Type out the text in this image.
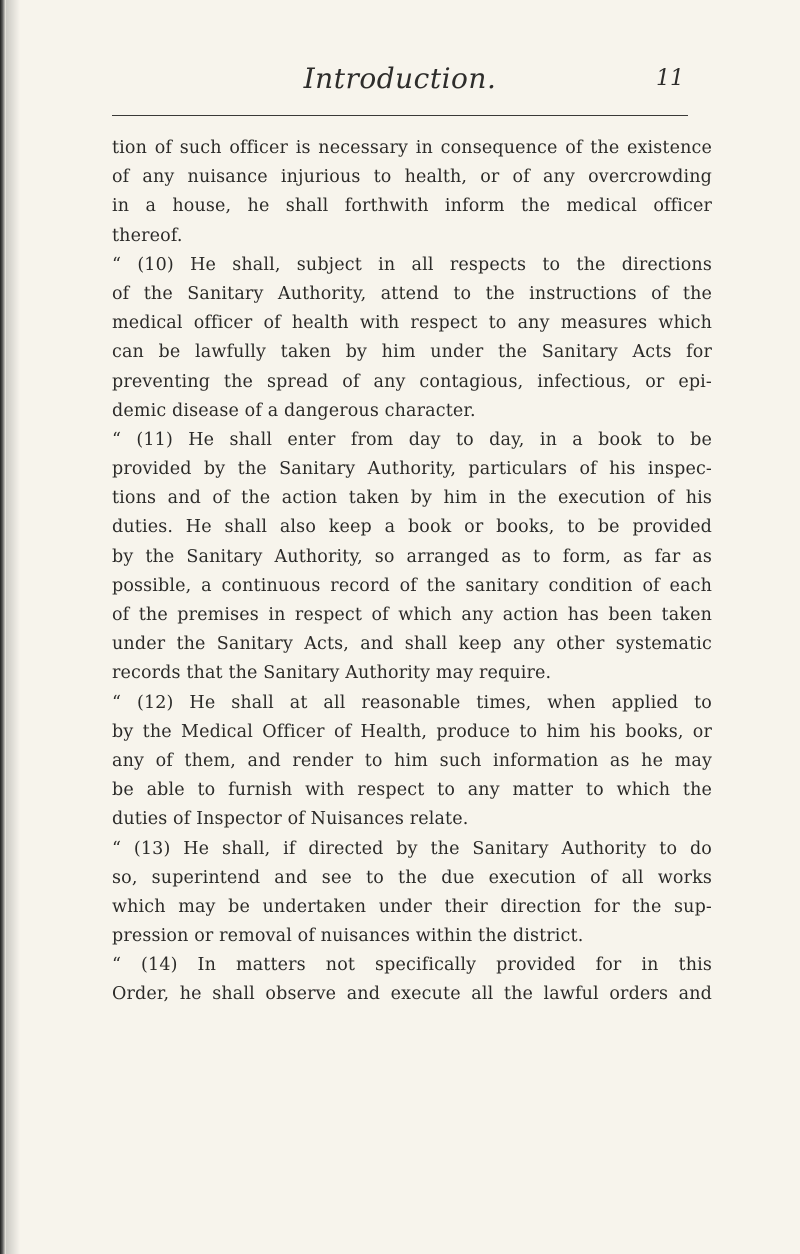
Introduction.	11
tion of such officer is necessary in consequence of the existence
of any nuisance injurious to health, or of any overcrowding
in a house, he shall forthwith inform the medical officer
thereof.
“ (10) He shall, subject in all respects to the directions
of the Sanitary Authority, attend to the instructions of the
medical officer of health with respect to any measures which
can be lawfully taken by him under the Sanitary Acts for
preventing the spread of any contagious, infectious, or epi-
demic disease of a dangerous character.
“ (11) He shall enter from day to day, in a book to be
provided by the Sanitary Authority, particulars of his inspec-
tions and of the action taken by him in the execution of his
duties. He shall also keep a book or books, to be provided
by the Sanitary Authority, so arranged as to form, as far as
possible, a continuous record of the sanitary condition of each
of the premises in respect of which any action has been taken
under the Sanitary Acts, and shall keep any other systematic
records that the Sanitary Authority may require.
“ (12) He shall at all reasonable times, when applied to
by the Medical Officer of Health, produce to him his books, or
any of them, and render to him such information as he may
be able to furnish with respect to any matter to which the
duties of Inspector of Nuisances relate.
“ (13) He shall, if directed by the Sanitary Authority to do
so, superintend and see to the due execution of all works
which may be undertaken under their direction for the sup-
pression or removal of nuisances within the district.
“ (14) In matters not specifically provided for in this
Order, he shall observe and execute all the lawful orders and
